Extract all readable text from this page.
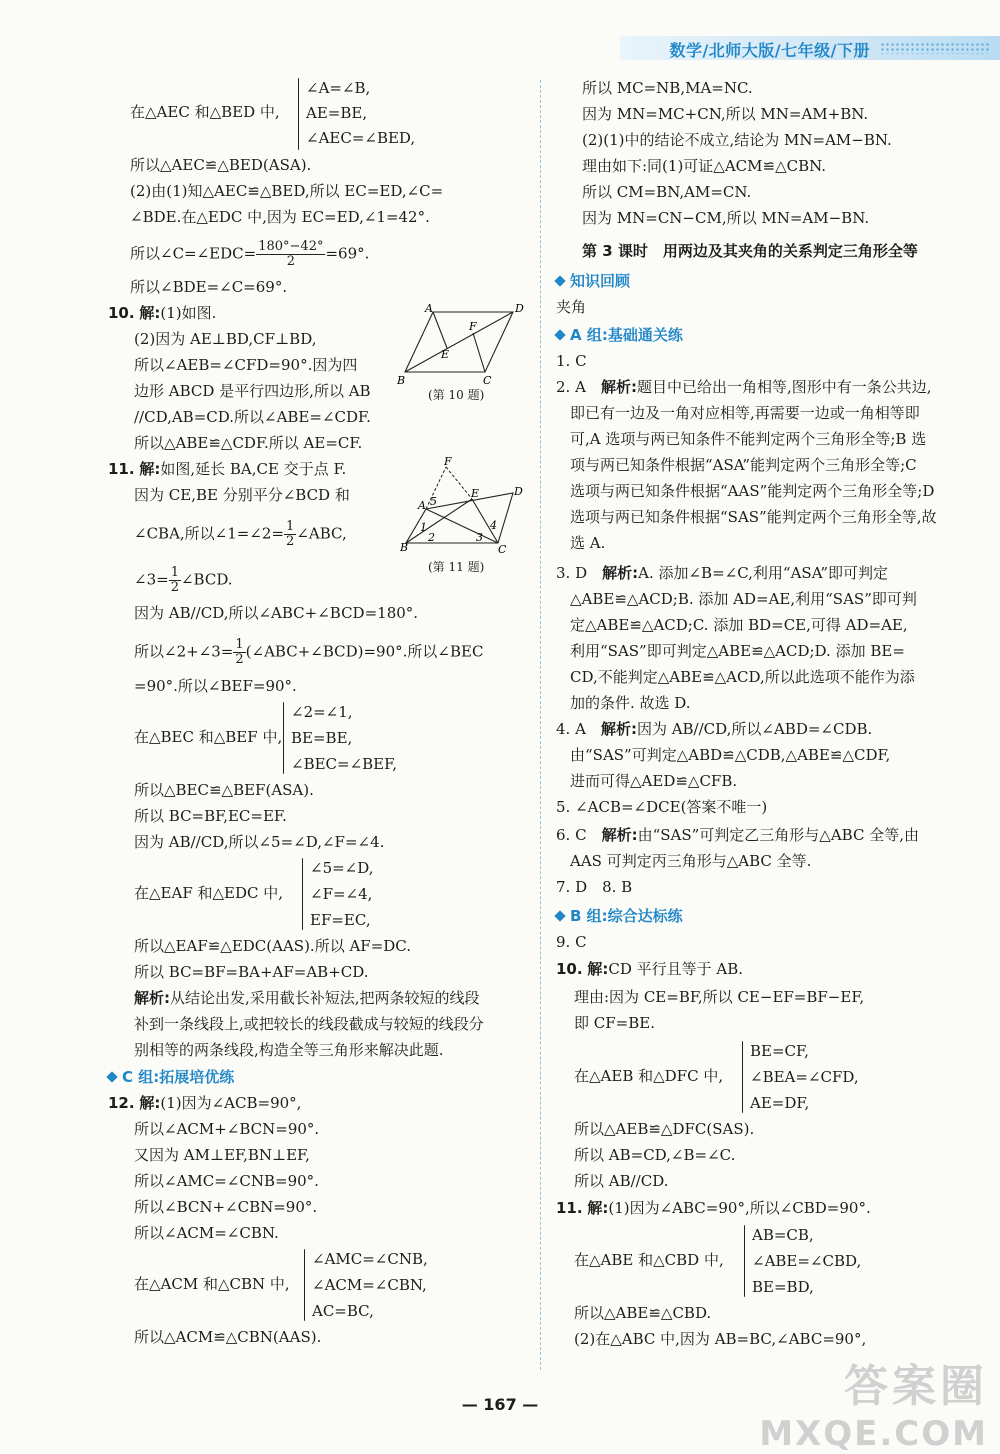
数学/北师大版/七年级/下册
∠A=∠B,
在△AEC 和△BED 中, AE=BE,
∠AEC=∠BED,
所以△AEC≌△BED(ASA).
(2)由(1)知△AEC≌△BED,所以 EC=ED,∠C=
∠BDE.在△EDC 中,因为 EC=ED,∠1=42°.
所以∠C=∠EDC= $\frac{180^\circ-42^\circ}{2} =69^\circ$.
所以∠BDE=∠C=69°.
10. 解:(1)如图.
(2)因为 AE⊥BD,CF⊥BD,
所以∠AEB=∠CFD=90°.因为四
边形 ABCD 是平行四边形,所以 AB
//CD,AB=CD.所以∠ABE=∠CDF.
所以△ABE≌△CDF.所以 AE=CF.
A	D
F
E
B	C
(第 10 题)
11. 解:如图,延长 BA,CE 交于点 F.
因为 CE,BE 分别平分∠BCD 和
∠CBA,所以∠1=∠2= $\frac{1}{2}$ ∠ABC,
∠3= $\frac{1}{2}$ ∠BCD.
F
A 5
E	D
1
2	3
4
B	C
(第 11 题)
因为 AB//CD,所以∠ABC+∠BCD=180°.
所以∠2+∠3= $\frac{1}{2}$ (∠ABC+∠BCD)=90°.所以∠BEC
=90°.所以∠BEF=90°.
∠2=∠1,
在△BEC 和△BEF 中, BE=BE,
∠BEC=∠BEF,
所以△BEC≌△BEF(ASA).
所以 BC=BF,EC=EF.
因为 AB//CD,所以∠5=∠D,∠F=∠4.
∠5=∠D,
在△EAF 和△EDC 中, ∠F=∠4,
EF=EC,
所以△EAF≌△EDC(AAS).所以 AF=DC.
所以 BC=BF=BA+AF=AB+CD.
解析:从结论出发,采用截长补短法,把两条较短的线段
补到一条线段上,或把较长的线段截成与较短的线段分
别相等的两条线段,构造全等三角形来解决此题.
C 组:拓展培优练
12. 解:(1)因为∠ACB=90°,
所以∠ACM+∠BCN=90°.
又因为 AM⊥EF,BN⊥EF,
所以∠AMC=∠CNB=90°.
所以∠BCN+∠CBN=90°.
所以∠ACM=∠CBN.
∠AMC=∠CNB,
在△ACM 和△CBN 中, ∠ACM=∠CBN,
AC=BC,
所以△ACM≌△CBN(AAS).
所以 MC=NB,MA=NC.
因为 MN=MC+CN,所以 MN=AM+BN.
(2)(1)中的结论不成立,结论为 MN=AM−BN.
理由如下:同(1)可证△ACM≌△CBN.
所以 CM=BN,AM=CN.
因为 MN=CN−CM,所以 MN=AM−BN.
第 3 课时　用两边及其夹角的关系判定三角形全等
知识回顾
夹角
A 组:基础通关练
1. C
2. A　 解析:题目中已给出一角相等,图形中有一条公共边,
即已有一边及一角对应相等,再需要一边或一角相等即
可,A 选项与两已知条件不能判定两个三角形全等;B 选
项与两已知条件根据“ASA”能判定两个三角形全等;C
选项与两已知条件根据“AAS”能判定两个三角形全等;D
选项与两已知条件根据“SAS”能判定两个三角形全等,故
选 A.
3. D　 解析:A. 添加∠B=∠C,利用“ASA”即可判定
△ABE≌△ACD;B. 添加 AD=AE,利用“SAS”即可判
定△ABE≌△ACD;C. 添加 BD=CE,可得 AD=AE,
利用“SAS”即可判定△ABE≌△ACD;D. 添加 BE=
CD,不能判定△ABE≌△ACD,所以此选项不能作为添
加的条件. 故选 D.
4. A　 解析:因为 AB//CD,所以∠ABD=∠CDB.
由“SAS”可判定△ABD≌△CDB,△ABE≌△CDF,
进而可得△AED≌△CFB.
5. ∠ACB=∠DCE(答案不唯一)
6. C　 解析:由“SAS”可判定乙三角形与△ABC 全等,由
AAS 可判定丙三角形与△ABC 全等.
7. D　8. B
B 组:综合达标练
9. C
10. 解:CD 平行且等于 AB.
理由:因为 CE=BF,所以 CE−EF=BF−EF,
即 CF=BE.
BE=CF,
在△AEB 和△DFC 中, ∠BEA=∠CFD,
AE=DF,
所以△AEB≌△DFC(SAS).
所以 AB=CD,∠B=∠C.
所以 AB//CD.
11. 解:(1)因为∠ABC=90°,所以∠CBD=90°.
AB=CB,
在△ABE 和△CBD 中, ∠ABE=∠CBD,
BE=BD,
所以△ABE≌△CBD.
(2)在△ABC 中,因为 AB=BC,∠ABC=90°,
— 167 —	答案圈
MXQE.COM
